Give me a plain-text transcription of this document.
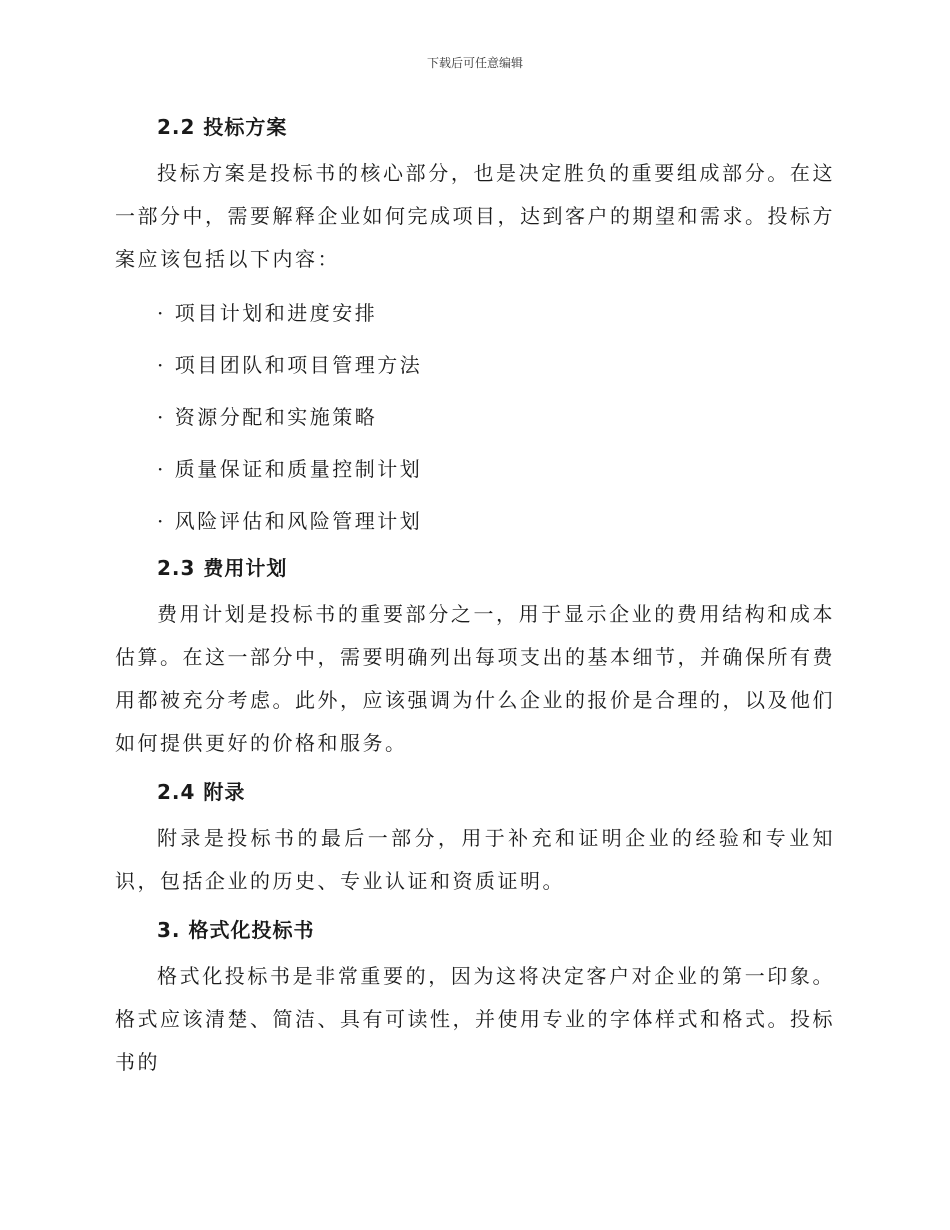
下载后可任意编辑
2.2 投标方案

投标方案是投标书的核心部分，也是决定胜负的重要组成部分。在这一部分中，需要解释企业如何完成项目，达到客户的期望和需求。投标方案应该包括以下内容：

· 项目计划和进度安排
· 项目团队和项目管理方法
· 资源分配和实施策略
· 质量保证和质量控制计划
· 风险评估和风险管理计划
2.3 费用计划

费用计划是投标书的重要部分之一，用于显示企业的费用结构和成本估算。在这一部分中，需要明确列出每项支出的基本细节，并确保所有费用都被充分考虑。此外，应该强调为什么企业的报价是合理的，以及他们如何提供更好的价格和服务。

2.4 附录

附录是投标书的最后一部分，用于补充和证明企业的经验和专业知识，包括企业的历史、专业认证和资质证明。

3. 格式化投标书

格式化投标书是非常重要的，因为这将决定客户对企业的第一印象。格式应该清楚、简洁、具有可读性，并使用专业的字体样式和格式。投标书的
